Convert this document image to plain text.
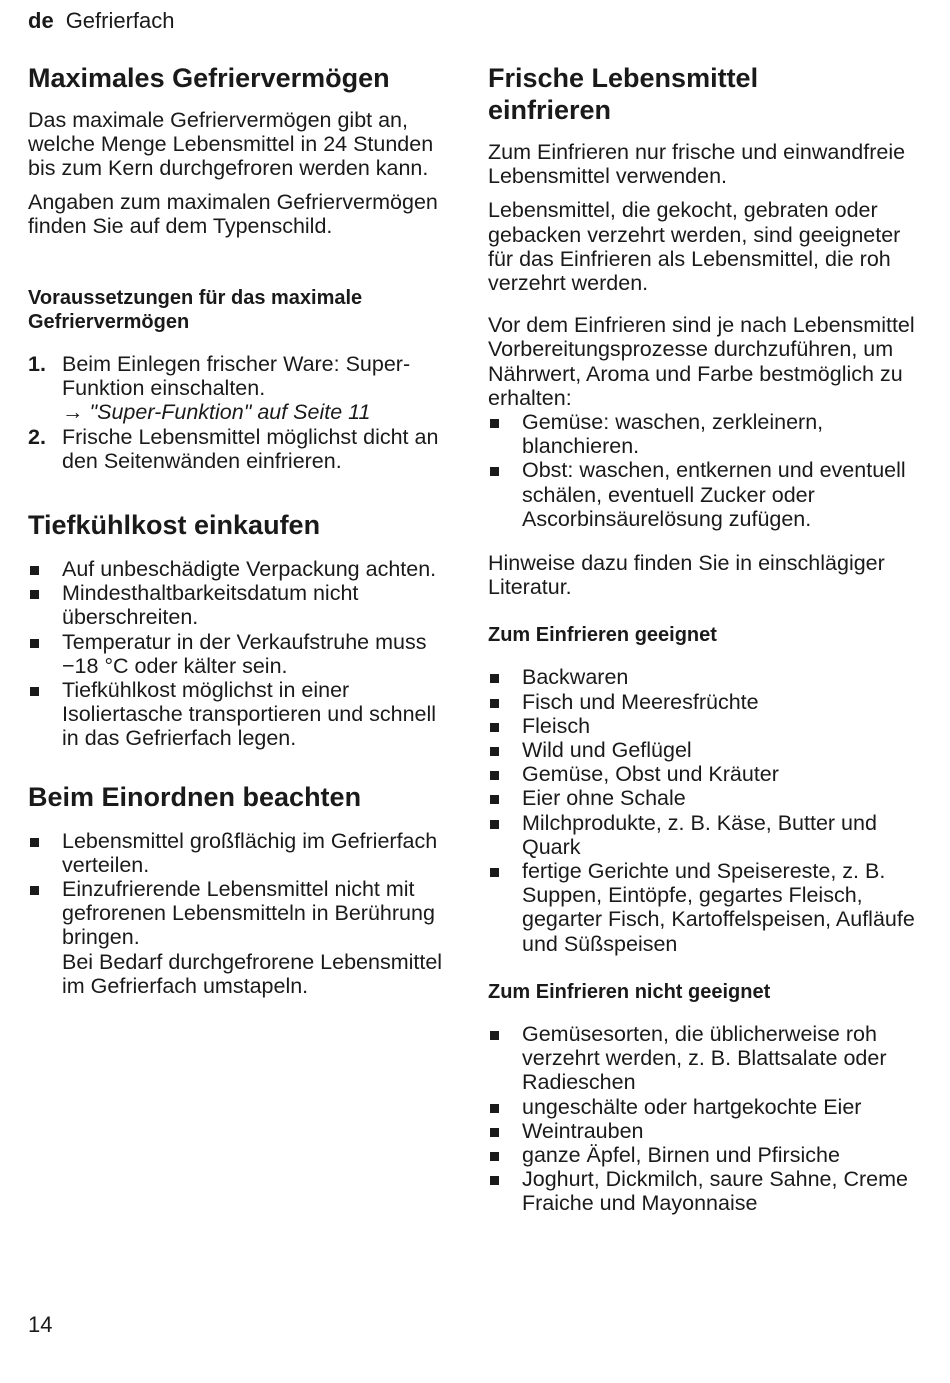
de Gefrierfach
Maximales Gefriervermögen

Das maximale Gefriervermögen gibt an, welche Menge Lebensmittel in 24 Stunden bis zum Kern durchgefroren werden kann.

Angaben zum maximalen Gefriervermögen finden Sie auf dem Typenschild.

Voraussetzungen für das maximale Gefriervermögen
1. Beim Einlegen frischer Ware: Super-Funktion einschalten.
→ "Super-Funktion" auf Seite 11
2. Frische Lebensmittel möglichst dicht an den Seitenwänden einfrieren.
Tiefkühlkost einkaufen
Auf unbeschädigte Verpackung achten.
Mindesthaltbarkeitsdatum nicht überschreiten.
Temperatur in der Verkaufstruhe muss −18 °C oder kälter sein.
Tiefkühlkost möglichst in einer Isoliertasche transportieren und schnell in das Gefrierfach legen.
Beim Einordnen beachten
Lebensmittel großflächig im Gefrierfach verteilen.
Einzufrierende Lebensmittel nicht mit gefrorenen Lebensmitteln in Berührung bringen.
Bei Bedarf durchgefrorene Lebensmittel im Gefrierfach umstapeln.
Frische Lebensmittel einfrieren

Zum Einfrieren nur frische und einwandfreie Lebensmittel verwenden.

Lebensmittel, die gekocht, gebraten oder gebacken verzehrt werden, sind geeigneter für das Einfrieren als Lebensmittel, die roh verzehrt werden.

Vor dem Einfrieren sind je nach Lebensmittel Vorbereitungsprozesse durchzuführen, um Nährwert, Aroma und Farbe bestmöglich zu erhalten:

Gemüse: waschen, zerkleinern, blanchieren.
Obst: waschen, entkernen und eventuell schälen, eventuell Zucker oder Ascorbinsäurelösung zufügen.

Hinweise dazu finden Sie in einschlägiger Literatur.

Zum Einfrieren geeignet
Backwaren
Fisch und Meeresfrüchte
Fleisch
Wild und Geflügel
Gemüse, Obst und Kräuter
Eier ohne Schale
Milchprodukte, z. B. Käse, Butter und Quark
fertige Gerichte und Speisereste, z. B. Suppen, Eintöpfe, gegartes Fleisch, gegarter Fisch, Kartoffelspeisen, Aufläufe und Süßspeisen
Zum Einfrieren nicht geeignet
Gemüsesorten, die üblicherweise roh verzehrt werden, z. B. Blattsalate oder Radieschen
ungeschälte oder hartgekochte Eier
Weintrauben
ganze Äpfel, Birnen und Pfirsiche
Joghurt, Dickmilch, saure Sahne, Creme Fraiche und Mayonnaise
14
